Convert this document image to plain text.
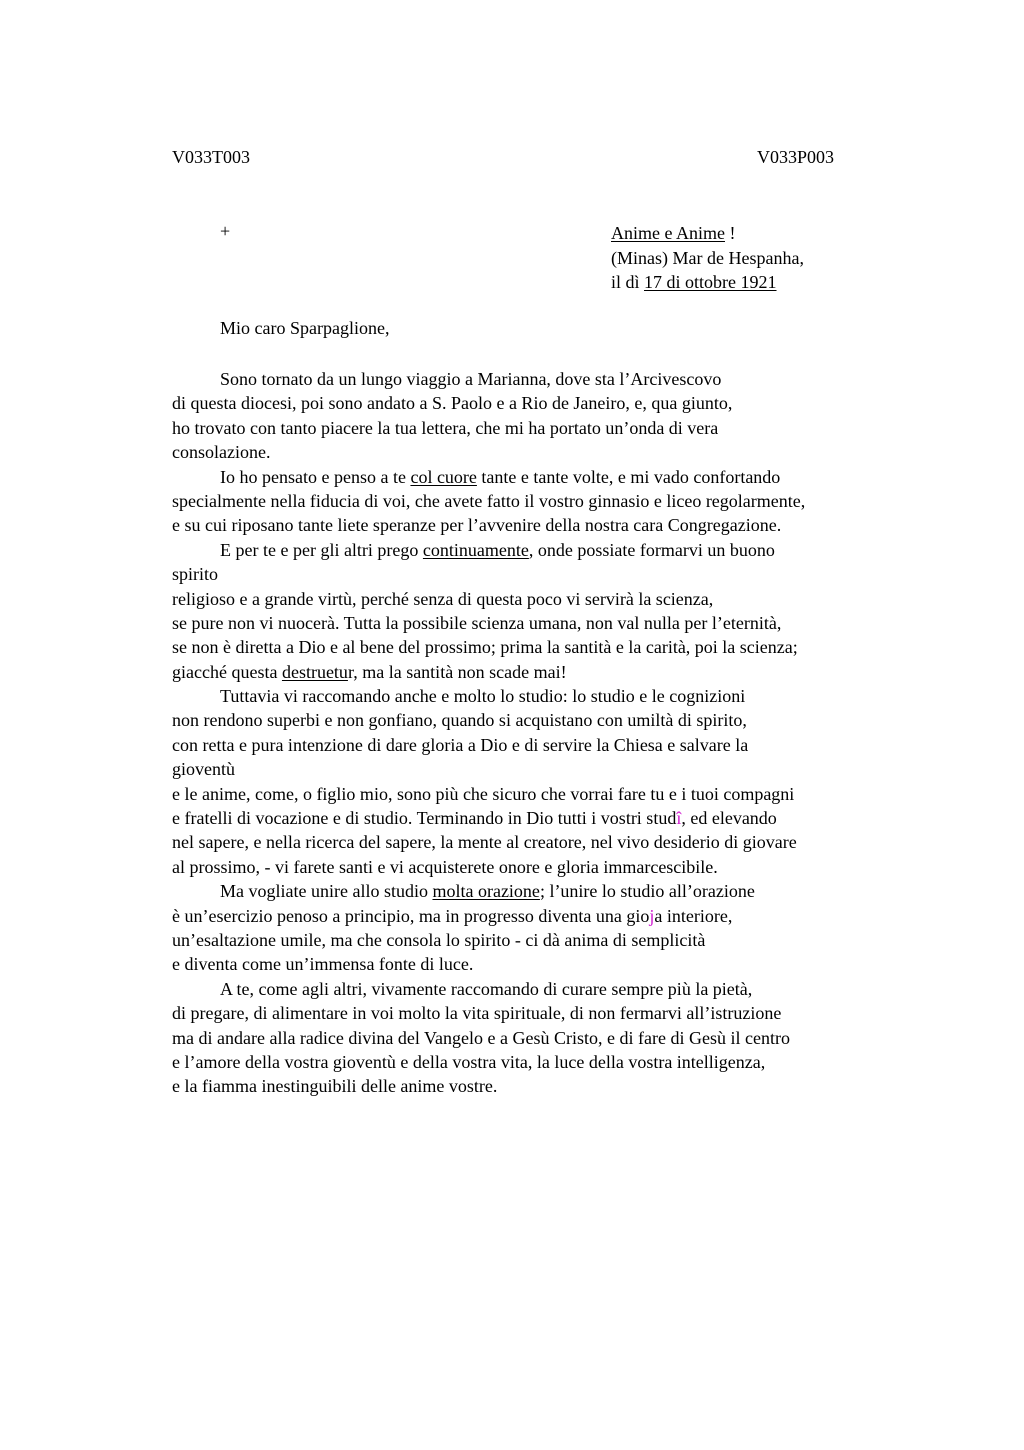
V033T003	V033P003
+	Anime e Anime !
(Minas) Mar de Hespanha,
il dì 17 di ottobre 1921
Mio caro Sparpaglione,
Sono tornato da un lungo viaggio a Marianna, dove sta l’Arcivescovo
di questa diocesi, poi sono andato a S. Paolo e a Rio de Janeiro, e, qua giunto,
ho trovato con tanto piacere la tua lettera, che mi ha portato un’onda di vera
consolazione.
Io ho pensato e penso a te col cuore tante e tante volte, e mi vado confortando
specialmente nella fiducia di voi, che avete fatto il vostro ginnasio e liceo regolarmente,
e su cui riposano tante liete speranze per l’avvenire della nostra cara Congregazione.
E per te e per gli altri prego continuamente, onde possiate formarvi un buono
spirito
religioso e a grande virtù, perché senza di questa poco vi servirà la scienza,
se pure non vi nuocerà. Tutta la possibile scienza umana, non val nulla per l’eternità,
se non è diretta a Dio e al bene del prossimo; prima la santità e la carità, poi la scienza;
giacché questa destruetur, ma la santità non scade mai!
Tuttavia vi raccomando anche e molto lo studio: lo studio e le cognizioni
non rendono superbi e non gonfiano, quando si acquistano con umiltà di spirito,
con retta e pura intenzione di dare gloria a Dio e di servire la Chiesa e salvare la
gioventù
e le anime, come, o figlio mio, sono più che sicuro che vorrai fare tu e i tuoi compagni
e fratelli di vocazione e di studio. Terminando in Dio tutti i vostri studî, ed elevando
nel sapere, e nella ricerca del sapere, la mente al creatore, nel vivo desiderio di giovare
al prossimo, - vi farete santi e vi acquisterete onore e gloria immarcescibile.
Ma vogliate unire allo studio molta orazione; l’unire lo studio all’orazione
è un’esercizio penoso a principio, ma in progresso diventa una gioja interiore,
un’esaltazione umile, ma che consola lo spirito - ci dà anima di semplicità
e diventa come un’immensa fonte di luce.
A te, come agli altri, vivamente raccomando di curare sempre più la pietà,
di pregare, di alimentare in voi molto la vita spirituale, di non fermarvi all’istruzione
ma di andare alla radice divina del Vangelo e a Gesù Cristo, e di fare di Gesù il centro
e l’amore della vostra gioventù e della vostra vita, la luce della vostra intelligenza,
e la fiamma inestinguibili delle anime vostre.
